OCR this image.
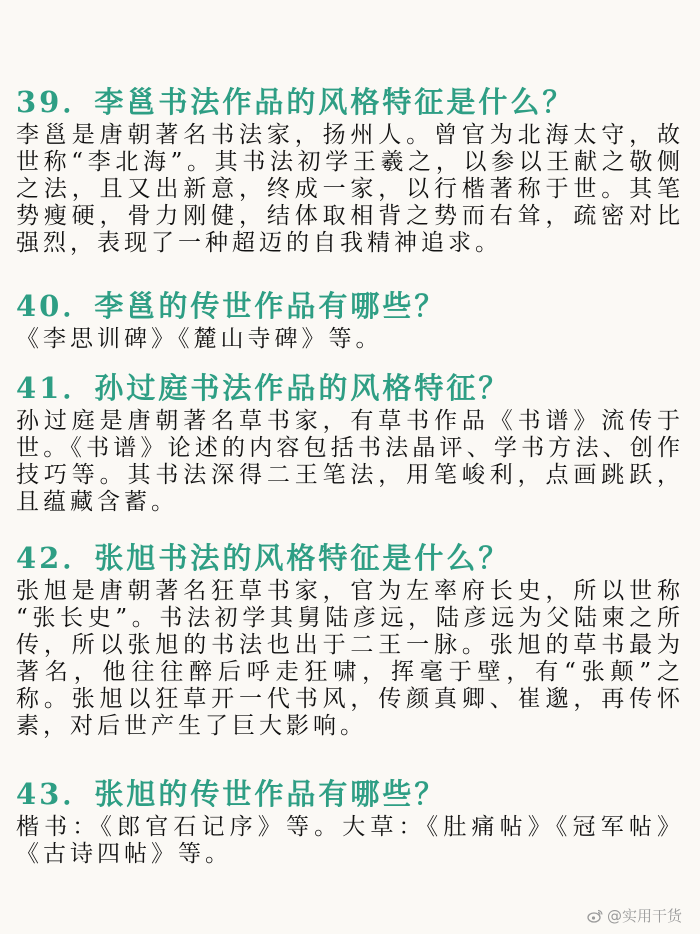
39．李邕书法作品的风格特征是什么？

李邕是唐朝著名书法家，扬州人。曾官为北海太守，故世称“李北海”。其书法初学王羲之，以参以王献之敬侧之法，且又出新意，终成一家，以行楷著称于世。其笔势瘦硬，骨力刚健，结体取相背之势而右耸，疏密对比强烈，表现了一种超迈的自我精神追求。

40．李邕的传世作品有哪些？

《李思训碑》《麓山寺碑》等。

41．孙过庭书法作品的风格特征？

孙过庭是唐朝著名草书家，有草书作品《书谱》流传于世。《书谱》论述的内容包括书法晶评、学书方法、创作技巧等。其书法深得二王笔法，用笔峻利，点画跳跃，且蕴藏含蓄。

42．张旭书法的风格特征是什么？

张旭是唐朝著名狂草书家，官为左率府长史，所以世称 “张长史”。书法初学其舅陆彦远，陆彦远为父陆柬之所传，所以张旭的书法也出于二王一脉。张旭的草书最为著名，他往往醉后呼走狂啸，挥毫于壁，有“张颠”之称。张旭以狂草开一代书风，传颜真卿、崔邈，再传怀素，对后世产生了巨大影响。

43．张旭的传世作品有哪些？

楷书：《郎官石记序》等。大草：《肚痛帖》《冠军帖》《古诗四帖》等。

@实用干货
